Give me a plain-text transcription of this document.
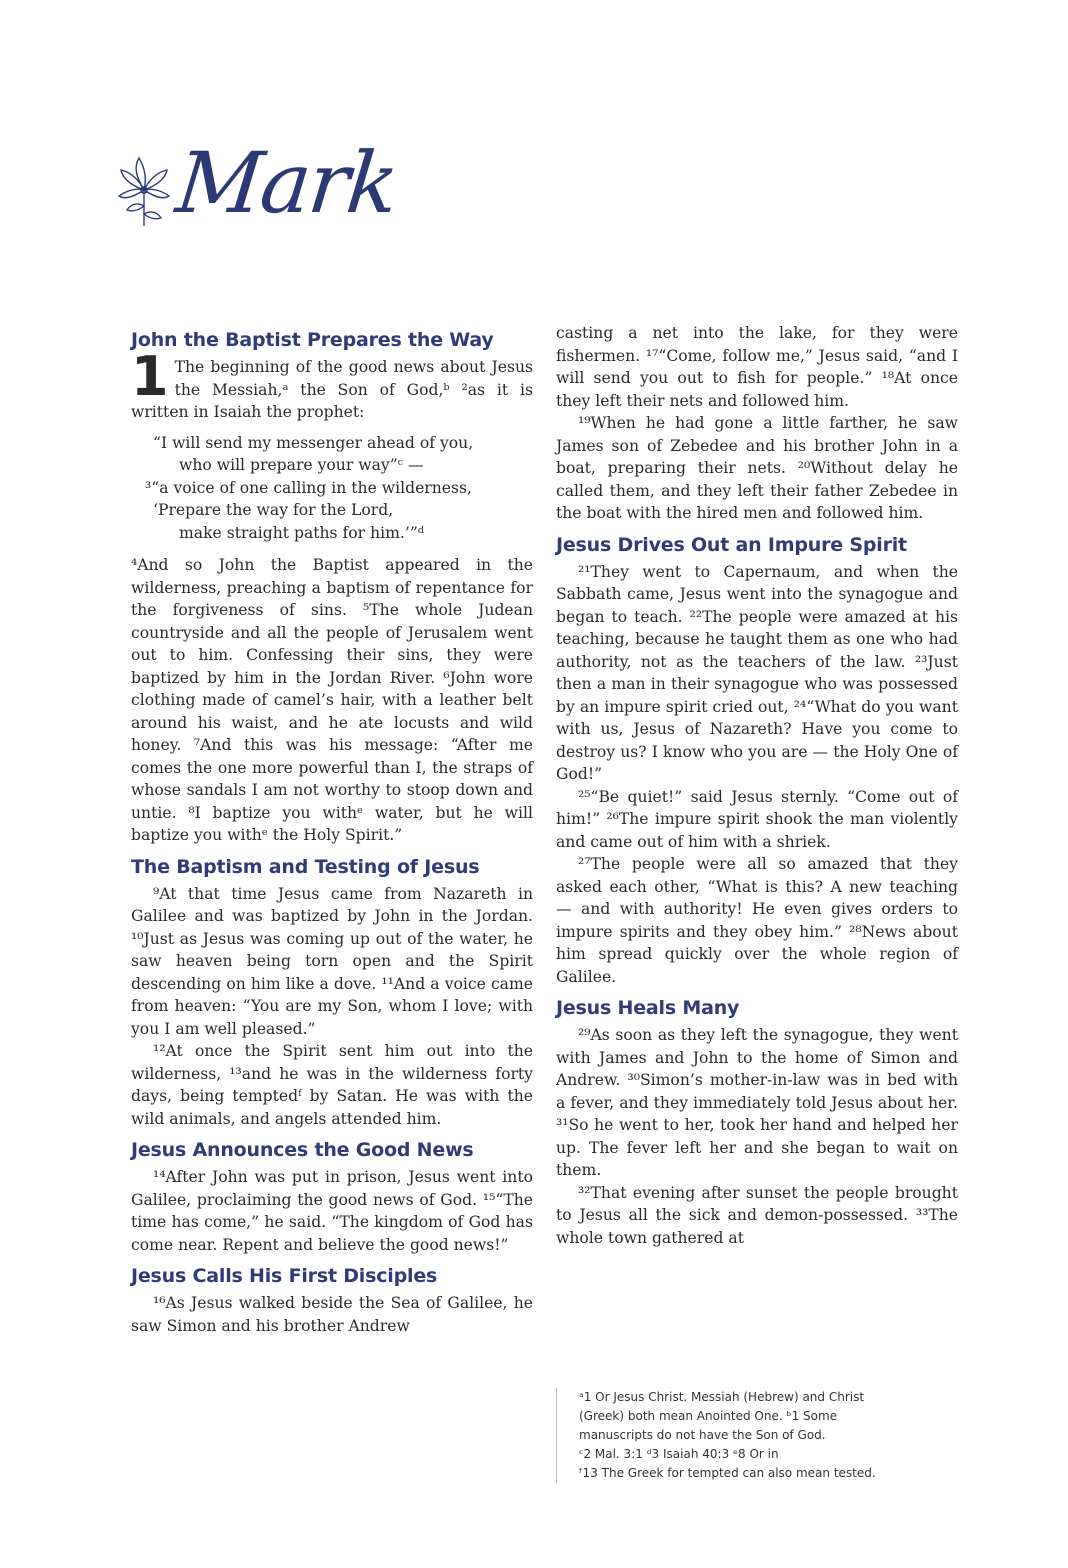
Mark
John the Baptist Prepares the Way

1 The beginning of the good news about Jesus the Messiah,ᵃ the Son of God,ᵇ ²as it is written in Isaiah the prophet:

“I will send my messenger ahead of you,
who will prepare your way”ᶜ —
³“a voice of one calling in the wilderness,
‘Prepare the way for the Lord,
make straight paths for him.’”ᵈ

⁴And so John the Baptist appeared in the wilderness, preaching a baptism of repentance for the forgiveness of sins. ⁵The whole Judean countryside and all the people of Jerusalem went out to him. Confessing their sins, they were baptized by him in the Jordan River. ⁶John wore clothing made of camel’s hair, with a leather belt around his waist, and he ate locusts and wild honey. ⁷And this was his message: “After me comes the one more powerful than I, the straps of whose sandals I am not worthy to stoop down and untie. ⁸I baptize you withᵉ water, but he will baptize you withᵉ the Holy Spirit.”

The Baptism and Testing of Jesus

⁹At that time Jesus came from Nazareth in Galilee and was baptized by John in the Jordan. ¹⁰Just as Jesus was coming up out of the water, he saw heaven being torn open and the Spirit descending on him like a dove. ¹¹And a voice came from heaven: “You are my Son, whom I love; with you I am well pleased.”

¹²At once the Spirit sent him out into the wilderness, ¹³and he was in the wilderness forty days, being temptedᶠ by Satan. He was with the wild animals, and angels attended him.

Jesus Announces the Good News

¹⁴After John was put in prison, Jesus went into Galilee, proclaiming the good news of God. ¹⁵“The time has come,” he said. “The kingdom of God has come near. Repent and believe the good news!”

Jesus Calls His First Disciples

¹⁶As Jesus walked beside the Sea of Galilee, he saw Simon and his brother Andrew

casting a net into the lake, for they were fishermen. ¹⁷“Come, follow me,” Jesus said, “and I will send you out to fish for people.” ¹⁸At once they left their nets and followed him.

¹⁹When he had gone a little farther, he saw James son of Zebedee and his brother John in a boat, preparing their nets. ²⁰Without delay he called them, and they left their father Zebedee in the boat with the hired men and followed him.

Jesus Drives Out an Impure Spirit

²¹They went to Capernaum, and when the Sabbath came, Jesus went into the synagogue and began to teach. ²²The people were amazed at his teaching, because he taught them as one who had authority, not as the teachers of the law. ²³Just then a man in their synagogue who was possessed by an impure spirit cried out, ²⁴“What do you want with us, Jesus of Nazareth? Have you come to destroy us? I know who you are — the Holy One of God!”

²⁵“Be quiet!” said Jesus sternly. “Come out of him!” ²⁶The impure spirit shook the man violently and came out of him with a shriek.

²⁷The people were all so amazed that they asked each other, “What is this? A new teaching — and with authority! He even gives orders to impure spirits and they obey him.” ²⁸News about him spread quickly over the whole region of Galilee.

Jesus Heals Many

²⁹As soon as they left the synagogue, they went with James and John to the home of Simon and Andrew. ³⁰Simon’s mother-in-law was in bed with a fever, and they immediately told Jesus about her. ³¹So he went to her, took her hand and helped her up. The fever left her and she began to wait on them.

³²That evening after sunset the people brought to Jesus all the sick and demon-possessed. ³³The whole town gathered at

ᵃ1 Or Jesus Christ. Messiah (Hebrew) and Christ
(Greek) both mean Anointed One. ᵇ1 Some
manuscripts do not have the Son of God.
ᶜ2 Mal. 3:1 ᵈ3 Isaiah 40:3 ᵉ8 Or in
ᶠ13 The Greek for tempted can also mean tested.
